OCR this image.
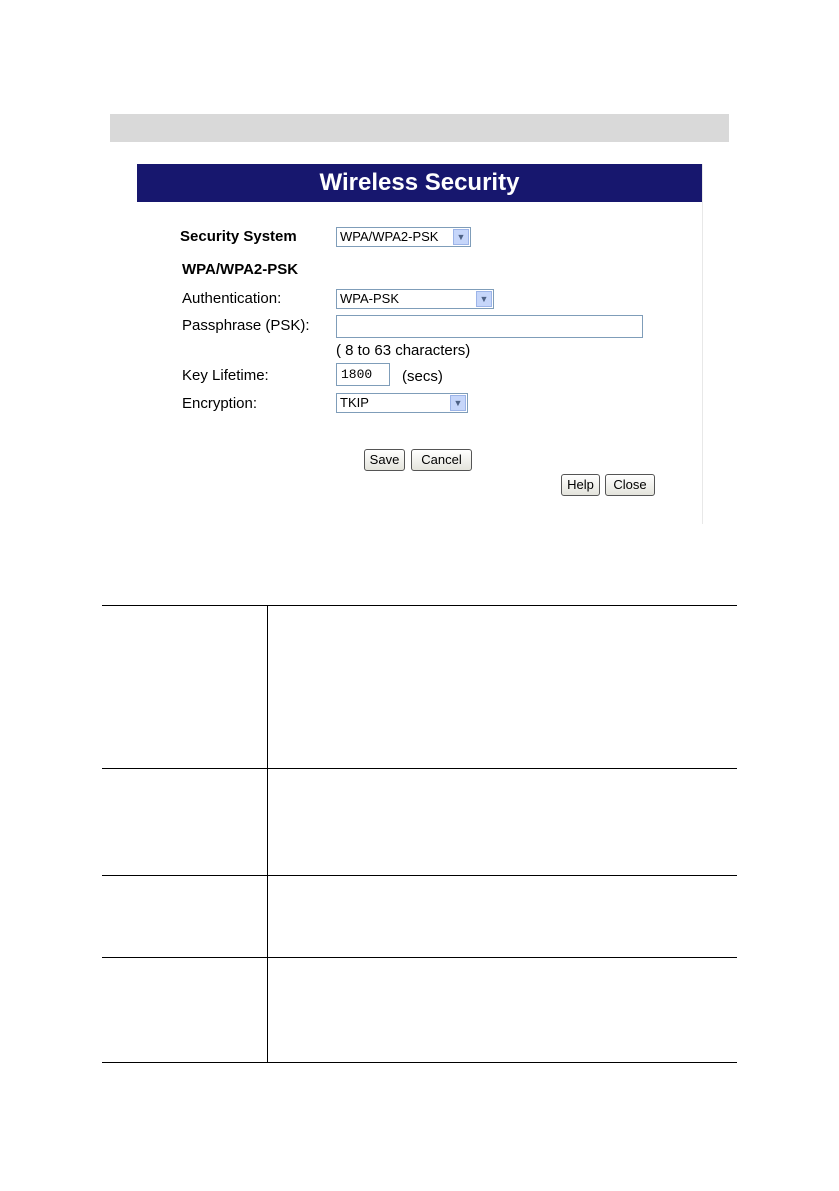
Wireless Security
Security System	WPA/WPA2-PSK	▼
WPA/WPA2-PSK
Authentication:	WPA-PSK	▼
Passphrase (PSK):
( 8 to 63 characters)
Key Lifetime:	1800	(secs)
Encryption:	TKIP	▼
Save	Cancel
Help	Close
